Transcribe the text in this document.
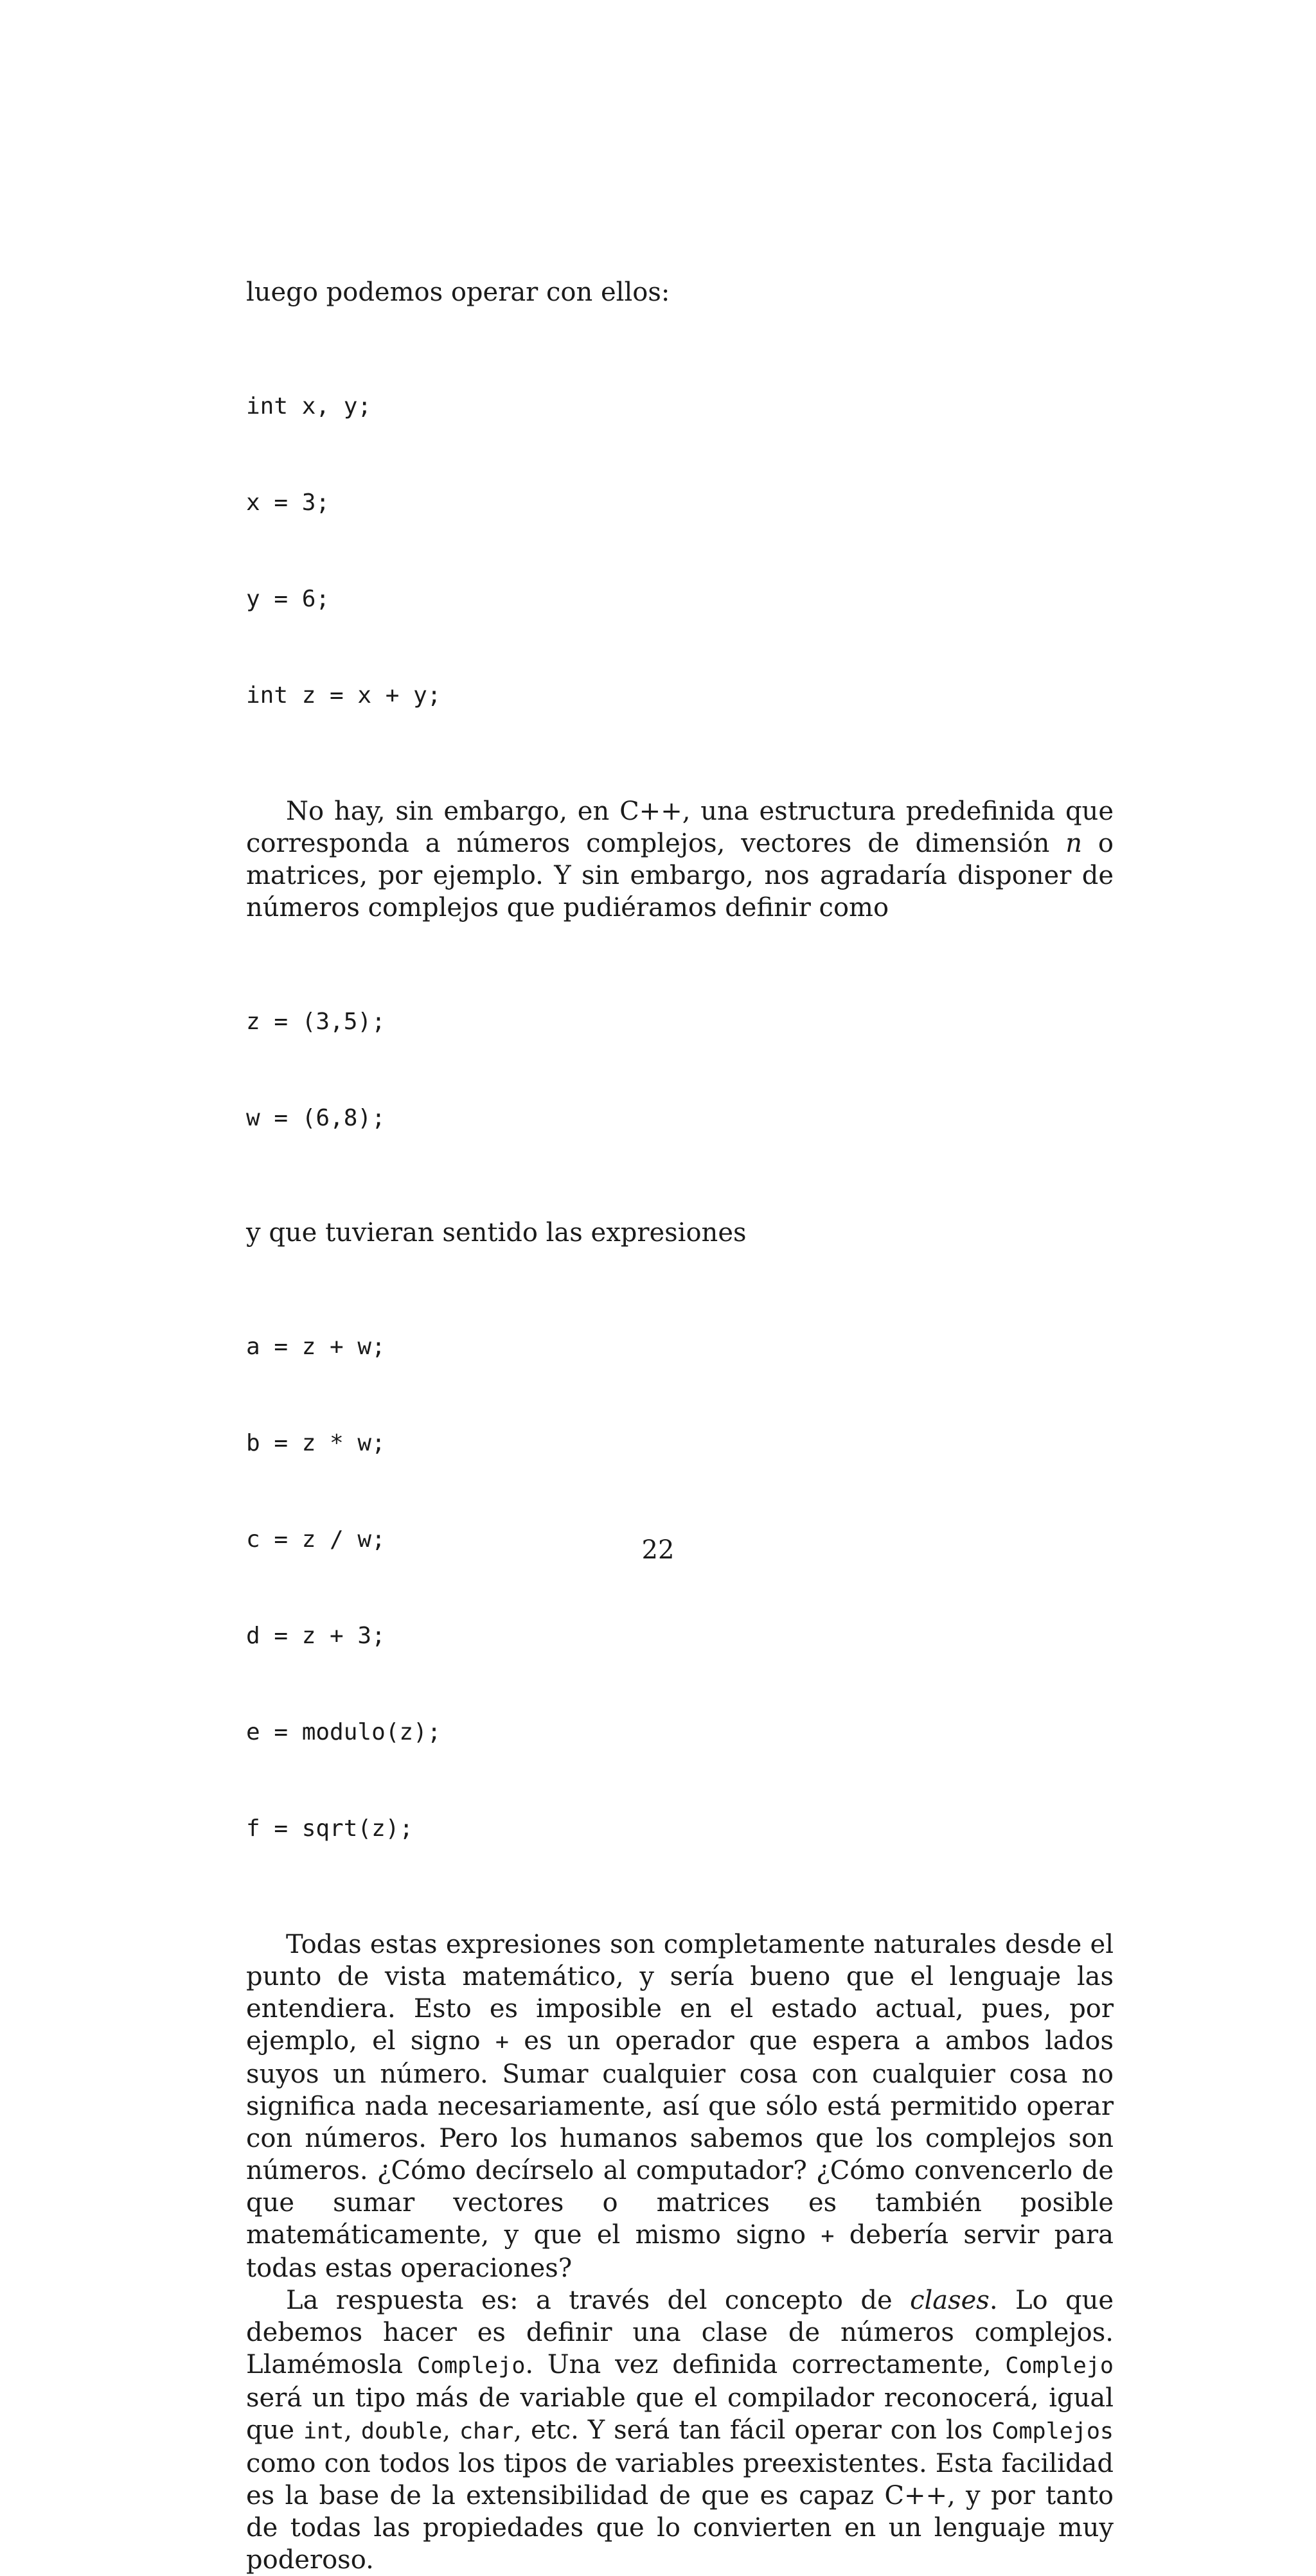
luego podemos operar con ellos:

int x, y;

x = 3;

y = 6;

int z = x + y;

No hay, sin embargo, en C++, una estructura predefinida que corresponda a números complejos, vectores de dimensión n o matrices, por ejemplo. Y sin embargo, nos agradaría disponer de números complejos que pudiéramos definir como

z = (3,5);

w = (6,8);

y que tuvieran sentido las expresiones

a = z + w;

b = z * w;

c = z / w;

d = z + 3;

e = modulo(z);

f = sqrt(z);

Todas estas expresiones son completamente naturales desde el punto de vista matemático, y sería bueno que el lenguaje las entendiera. Esto es imposible en el estado actual, pues, por ejemplo, el signo + es un operador que espera a ambos lados suyos un número. Sumar cualquier cosa con cualquier cosa no significa nada necesariamente, así que sólo está permitido operar con números. Pero los humanos sabemos que los complejos son números. ¿Cómo decírselo al computador? ¿Cómo convencerlo de que sumar vectores o matrices es también posible matemáticamente, y que el mismo signo + debería servir para todas estas operaciones?

La respuesta es: a través del concepto de clases. Lo que debemos hacer es definir una clase de números complejos. Llamémosla Complejo. Una vez definida correctamente, Complejo será un tipo más de variable que el compilador reconocerá, igual que int, double, char, etc. Y será tan fácil operar con los Complejos como con todos los tipos de variables preexistentes. Esta facilidad es la base de la extensibilidad de que es capaz C++, y por tanto de todas las propiedades que lo convierten en un lenguaje muy poderoso.

22
